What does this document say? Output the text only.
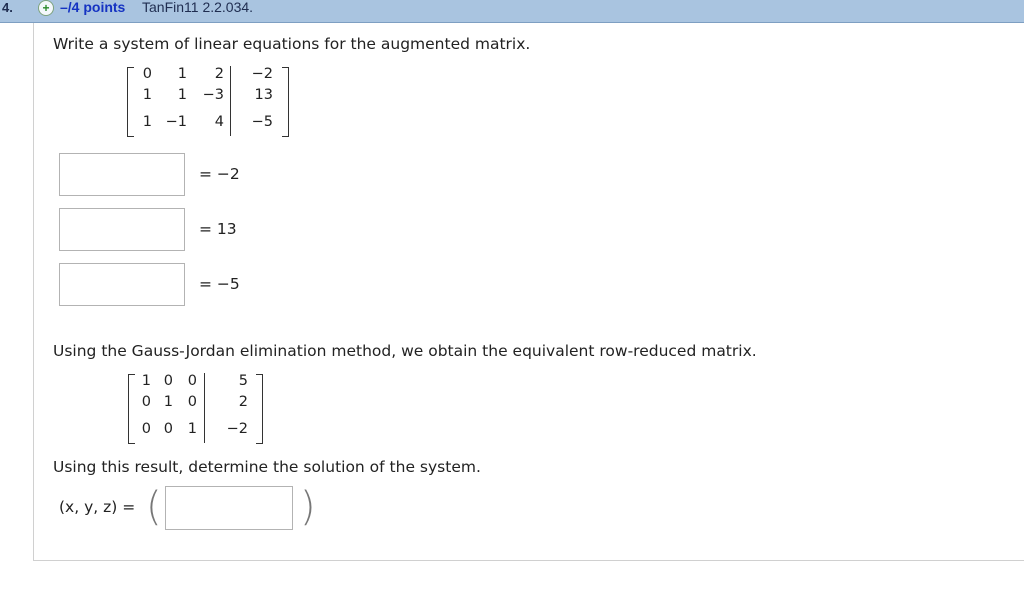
4.	+ –/4 points TanFin11 2.2.034.
Write a system of linear equations for the augmented matrix.
0	1	2	−2
1	1	−3	13
1 −1	4	−5
= −2
= 13
= −5
Using the Gauss-Jordan elimination method, we obtain the equivalent row-reduced matrix.
1 0	0	5
0 1	0	2
0 0	1	−2
Using this result, determine the solution of the system.
(x, y, z) = (	)
